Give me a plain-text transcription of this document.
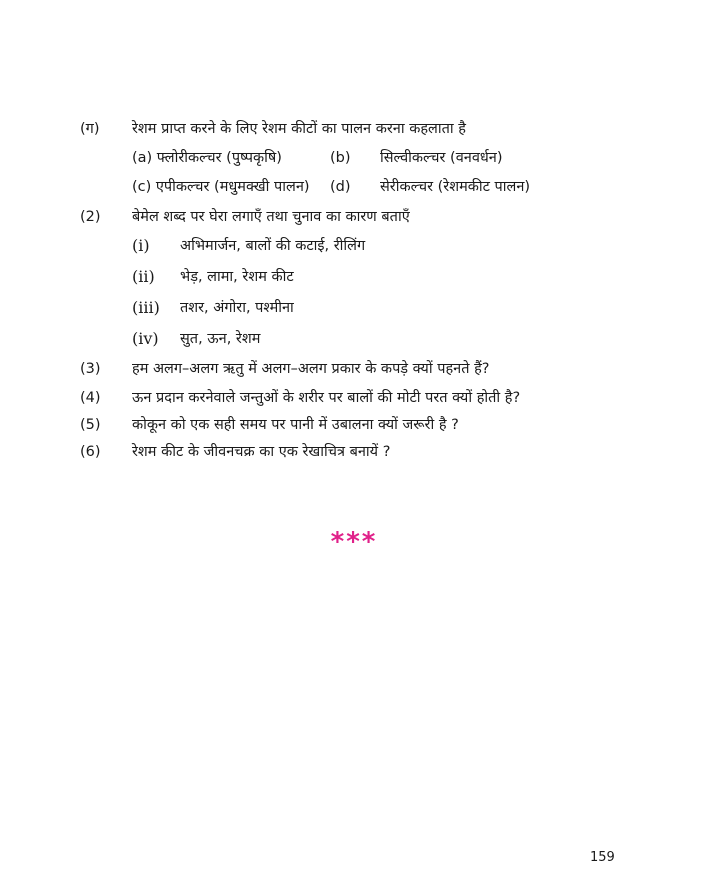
(ग) रेशम प्राप्त करने के लिए रेशम कीटों का पालन करना कहलाता है
(a) फ्लोरीकल्चर (पुष्पकृषि)	(b) सिल्वीकल्चर (वनवर्धन)
(c) एपीकल्चर (मधुमक्खी पालन) (d) सेरीकल्चर (रेशमकीट पालन)
(2) बेमेल शब्द पर घेरा लगाएँ तथा चुनाव का कारण बताएँ
(i) अभिमार्जन, बालों की कटाई, रीलिंग
(ii) भेड़, लामा, रेशम कीट
(iii) तशर, अंगोरा, पश्मीना
(iv) सुत, ऊन, रेशम
(3) हम अलग–अलग ऋतु में अलग–अलग प्रकार के कपड़े क्यों पहनते हैं?
(4) ऊन प्रदान करनेवाले जन्तुओं के शरीर पर बालों की मोटी परत क्यों होती है?
(5) कोकून को एक सही समय पर पानी में उबालना क्यों जरूरी है ?
(6) रेशम कीट के जीवनचक्र का एक रेखाचित्र बनायें ?
***
159
